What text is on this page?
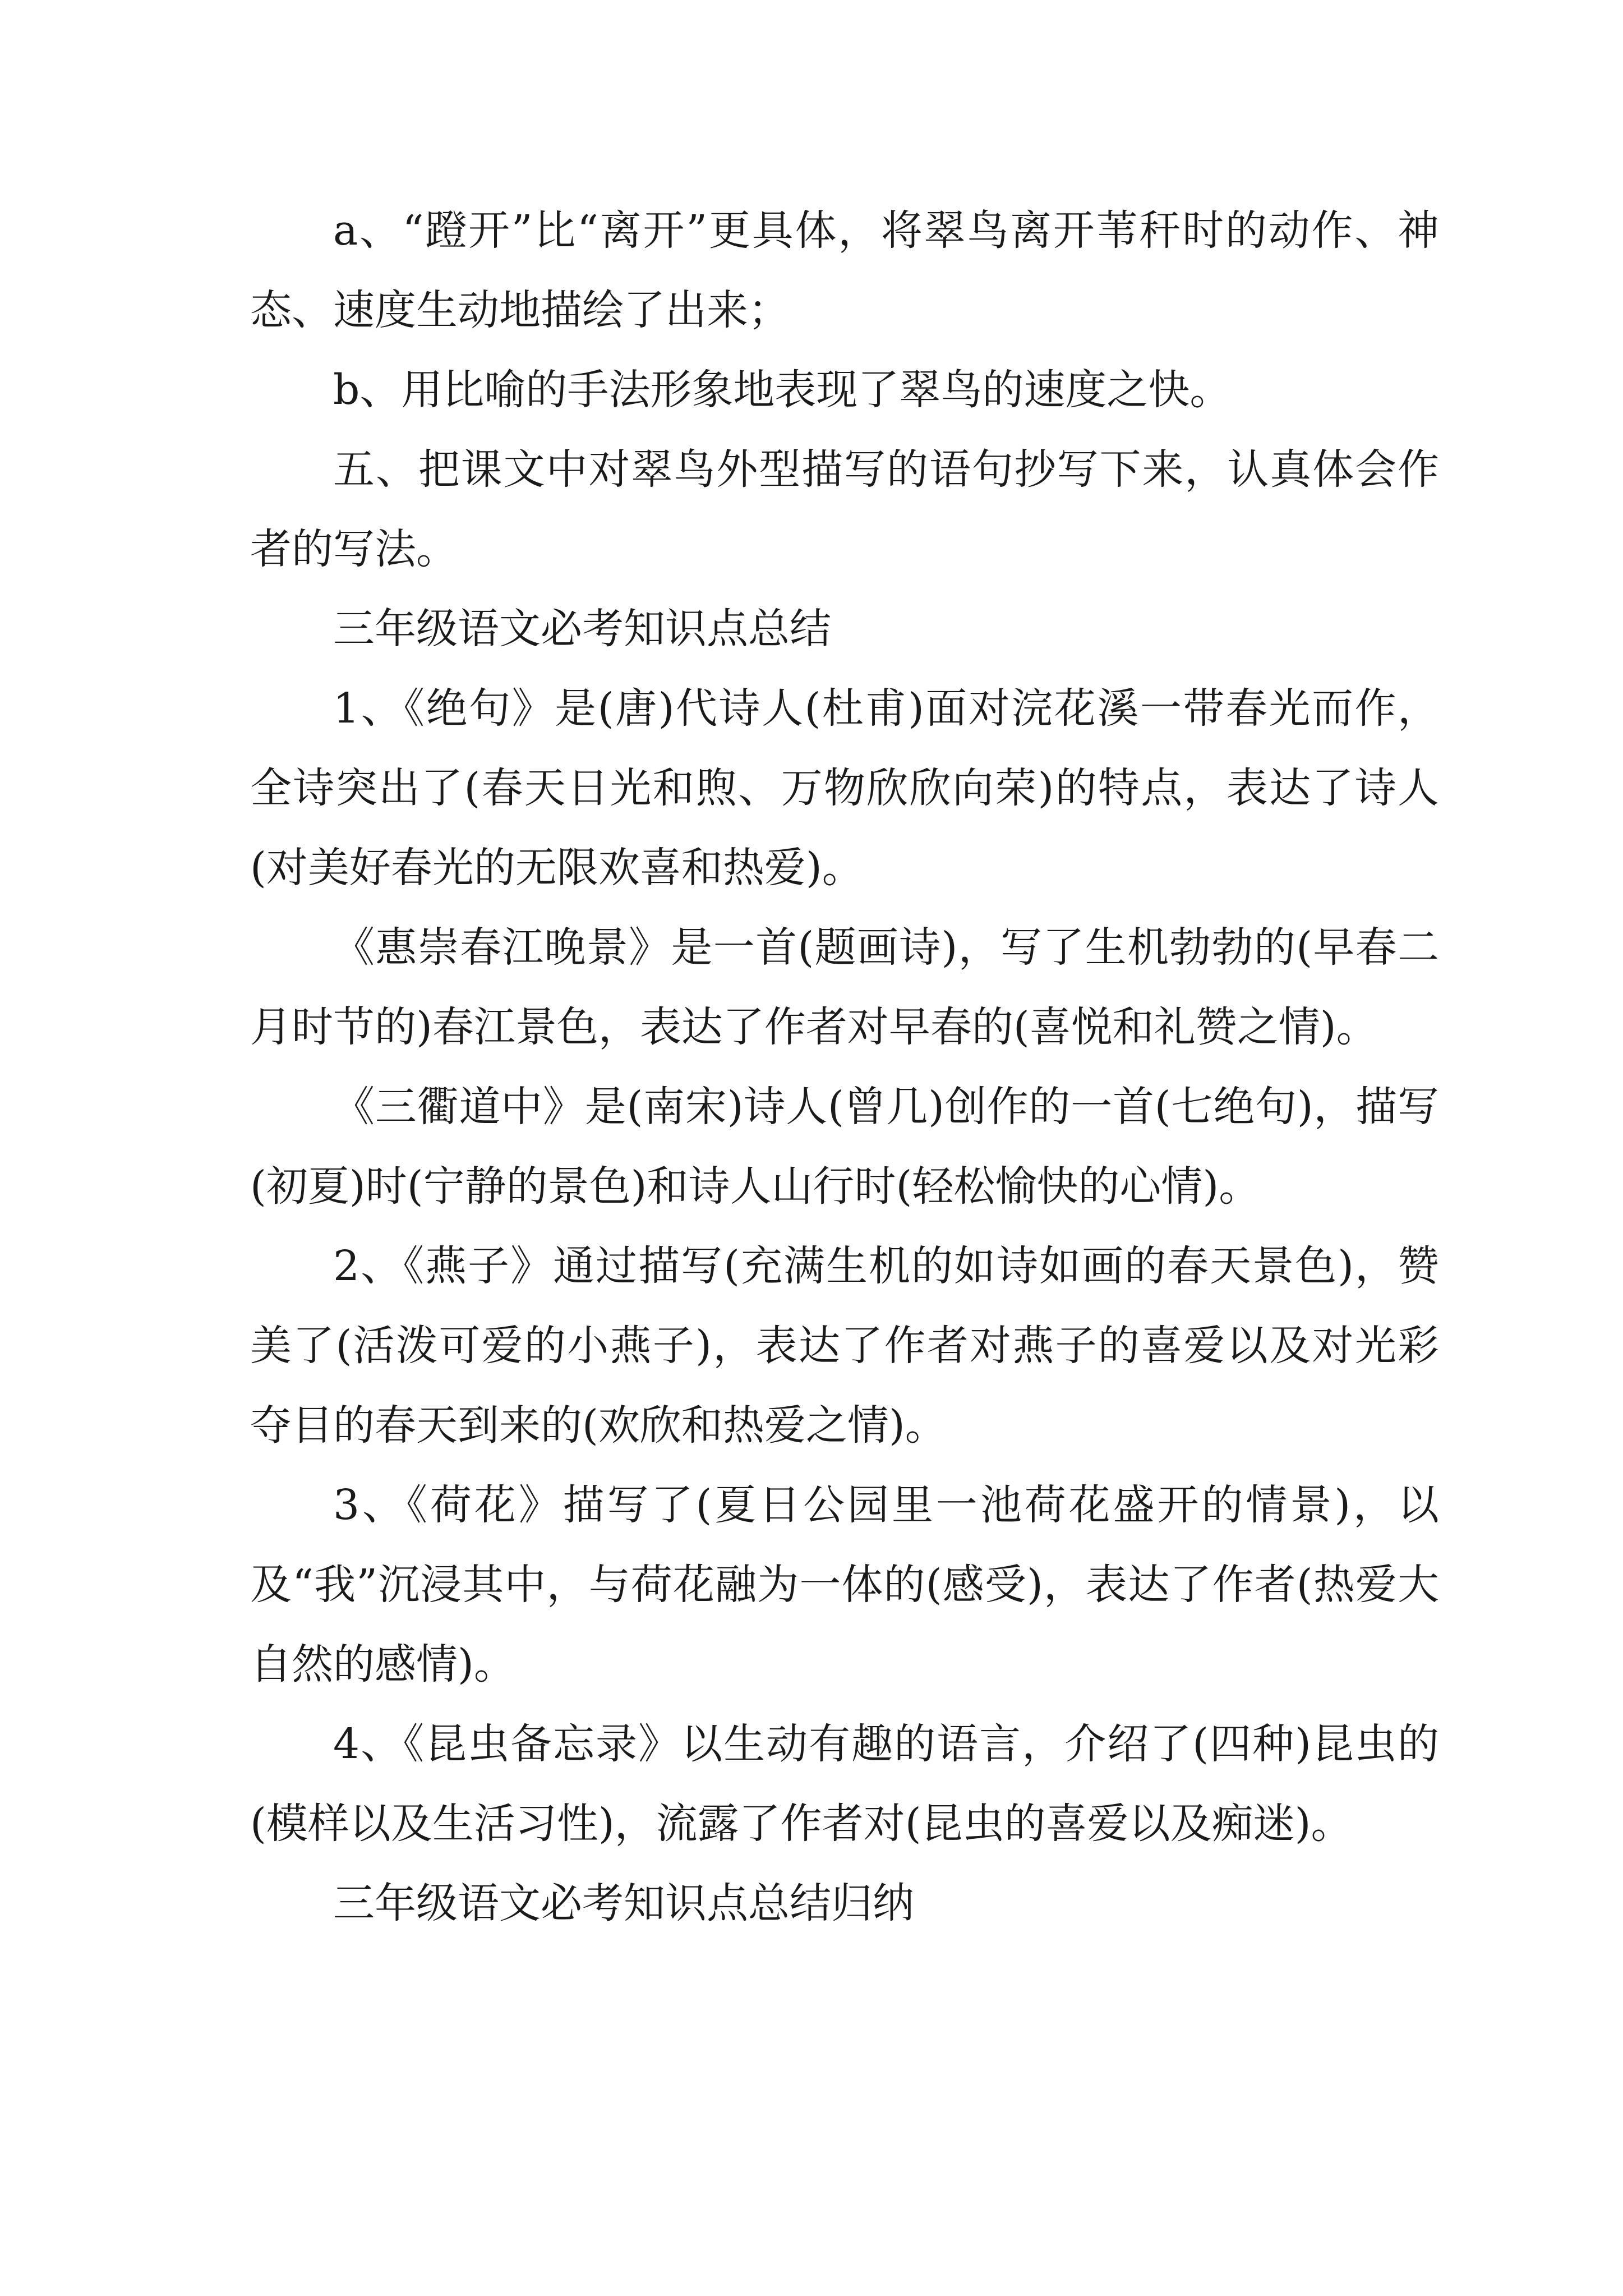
a、“蹬开”比“离开”更具体，将翠鸟离开苇秆时的动作、神态、速度生动地描绘了出来；

b、用比喻的手法形象地表现了翠鸟的速度之快。

五、把课文中对翠鸟外型描写的语句抄写下来，认真体会作者的写法。

三年级语文必考知识点总结

1、《绝句》是(唐)代诗人(杜甫)面对浣花溪一带春光而作，全诗突出了(春天日光和煦、万物欣欣向荣)的特点，表达了诗人(对美好春光的无限欢喜和热爱)。

《惠崇春江晚景》是一首(题画诗)，写了生机勃勃的(早春二月时节的)春江景色，表达了作者对早春的(喜悦和礼赞之情)。

《三衢道中》是(南宋)诗人(曾几)创作的一首(七绝句)，描写(初夏)时(宁静的景色)和诗人山行时(轻松愉快的心情)。

2、《燕子》通过描写(充满生机的如诗如画的春天景色)，赞美了(活泼可爱的小燕子)，表达了作者对燕子的喜爱以及对光彩夺目的春天到来的(欢欣和热爱之情)。

3、《荷花》描写了(夏日公园里一池荷花盛开的情景)，以及“我”沉浸其中，与荷花融为一体的(感受)，表达了作者(热爱大自然的感情)。

4、《昆虫备忘录》以生动有趣的语言，介绍了(四种)昆虫的(模样以及生活习性)，流露了作者对(昆虫的喜爱以及痴迷)。

三年级语文必考知识点总结归纳
